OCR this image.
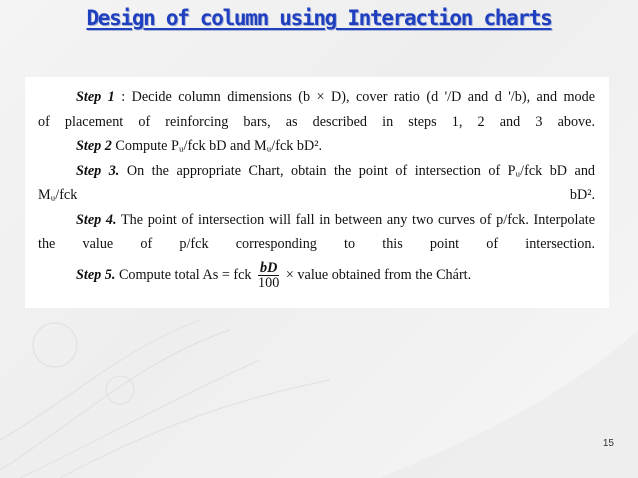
Design of column using Interaction charts

Step 1 : Decide column dimensions (b × D), cover ratio (d '/D and d '/b), and mode
of placement of reinforcing bars, as described in steps 1, 2 and 3 above.

Step 2 Compute Pᵤ/fck bD and Mᵤ/fck bD².

Step 3. On the appropriate Chart, obtain the point of intersection of Pᵤ/fck bD and
Mᵤ/fck bD².

Step 4. The point of intersection will fall in between any two curves of p/fck. Interpolate
the value of p/fck corresponding to this point of intersection.

Step 5. Compute total As = fck $\frac{bD}{100}$ × value obtained from the Chárt.

15
